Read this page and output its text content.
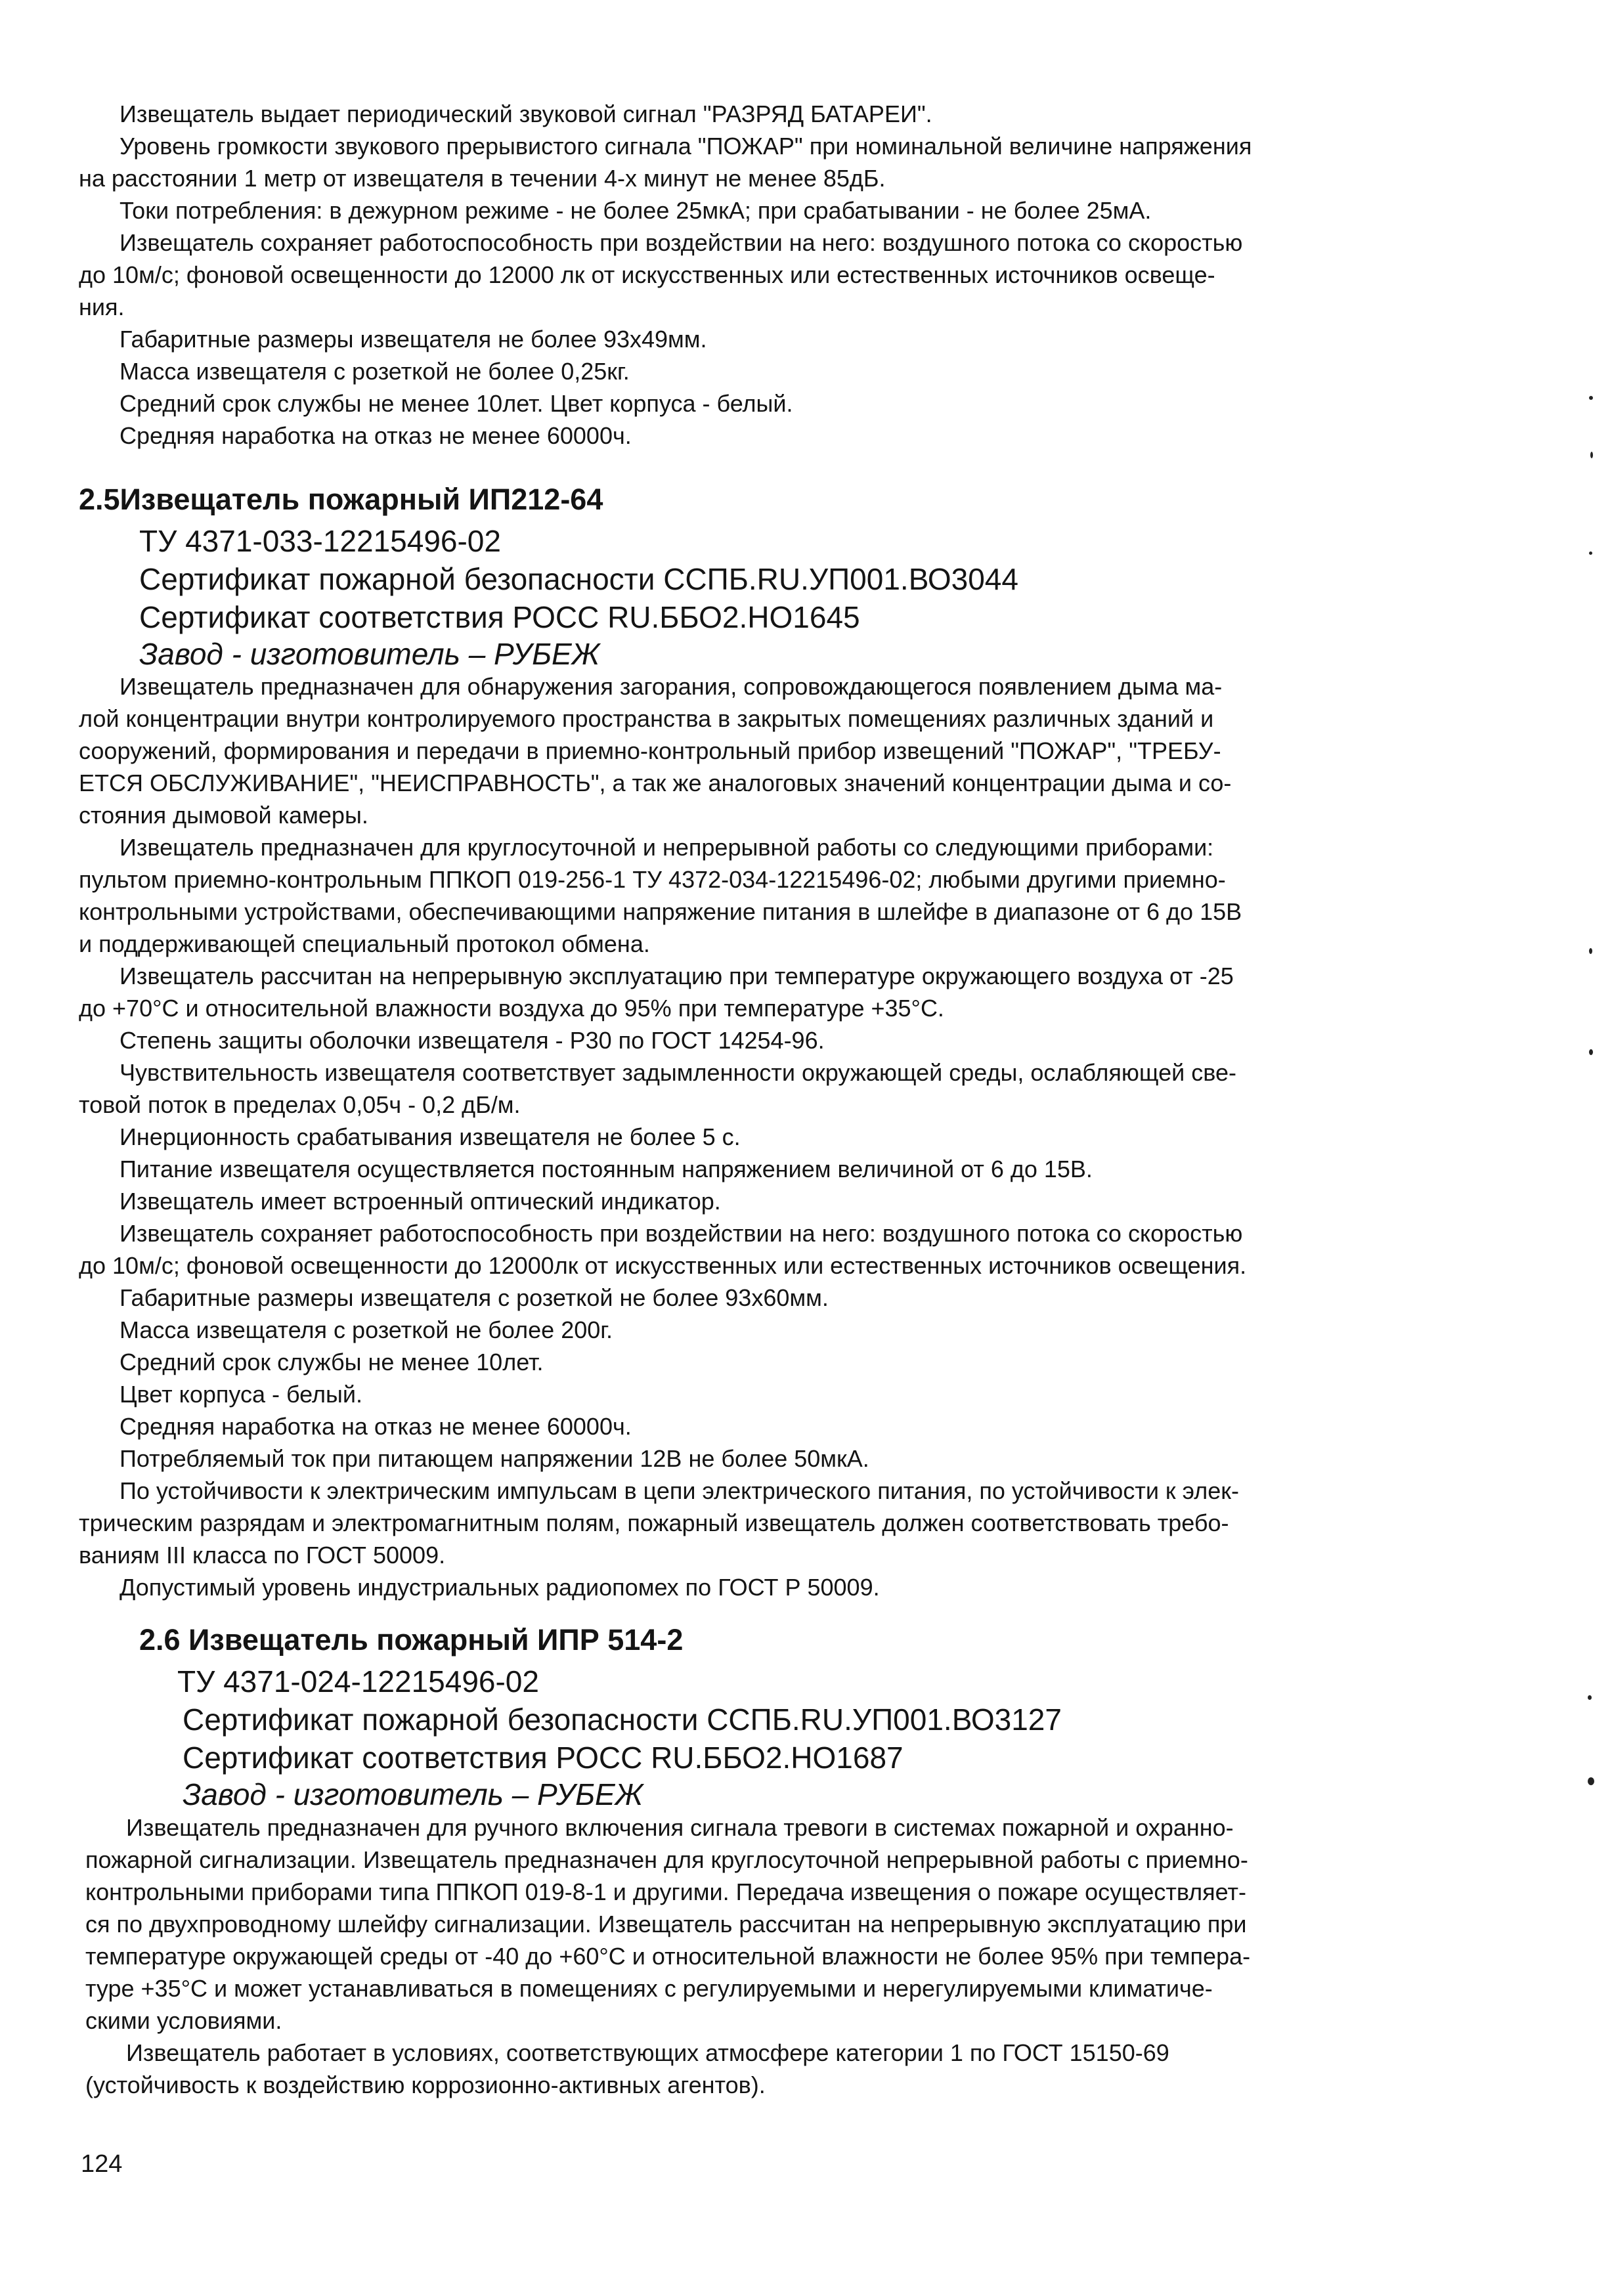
Извещатель выдает периодический звуковой сигнал "РАЗРЯД БАТАРЕИ".
Уровень громкости звукового прерывистого сигнала "ПОЖАР" при номинальной величине напряжения
на расстоянии 1 метр от извещателя в течении 4-х минут не менее 85дБ.
Токи потребления: в дежурном режиме - не более 25мкА; при срабатывании - не более 25мА.
Извещатель сохраняет работоспособность при воздействии на него: воздушного потока со скоростью
до 10м/с; фоновой освещенности до 12000 лк от искусственных или естественных источников освеще-
ния.
Габаритные размеры извещателя не более 93х49мм.
Масса извещателя с розеткой не более 0,25кг.
Средний срок службы не менее 10лет. Цвет корпуса - белый.
Средняя наработка на отказ не менее 60000ч.
2.5Извещатель пожарный ИП212-64
ТУ 4371-033-12215496-02
Сертификат пожарной безопасности ССПБ.RU.УП001.ВО3044
Сертификат соответствия РОСС RU.ББО2.НО1645
Завод - изготовитель – РУБЕЖ
Извещатель предназначен для обнаружения загорания, сопровождающегося появлением дыма ма-
лой концентрации внутри контролируемого пространства в закрытых помещениях различных зданий и
сооружений, формирования и передачи в приемно-контрольный прибор извещений "ПОЖАР", "ТРЕБУ-
ЕТСЯ ОБСЛУЖИВАНИЕ", "НЕИСПРАВНОСТЬ", а так же аналоговых значений концентрации дыма и со-
стояния дымовой камеры.
Извещатель предназначен для круглосуточной и непрерывной работы со следующими приборами:
пультом приемно-контрольным ППКОП 019-256-1 ТУ 4372-034-12215496-02; любыми другими приемно-
контрольными устройствами, обеспечивающими напряжение питания в шлейфе в диапазоне от 6 до 15В
и поддерживающей специальный протокол обмена.
Извещатель рассчитан на непрерывную эксплуатацию при температуре окружающего воздуха от -25
до +70°С и относительной влажности воздуха до 95% при температуре +35°С.
Степень защиты оболочки извещателя - Р30 по ГОСТ 14254-96.
Чувствительность извещателя соответствует задымленности окружающей среды, ослабляющей све-
товой поток в пределах 0,05ч - 0,2 дБ/м.
Инерционность срабатывания извещателя не более 5 с.
Питание извещателя осуществляется постоянным напряжением величиной от 6 до 15В.
Извещатель имеет встроенный оптический индикатор.
Извещатель сохраняет работоспособность при воздействии на него: воздушного потока со скоростью
до 10м/с; фоновой освещенности до 12000лк от искусственных или естественных источников освещения.
Габаритные размеры извещателя с розеткой не более 93х60мм.
Масса извещателя с розеткой не более 200г.
Средний срок службы не менее 10лет.
Цвет корпуса - белый.
Средняя наработка на отказ не менее 60000ч.
Потребляемый ток при питающем напряжении 12В не более 50мкА.
По устойчивости к электрическим импульсам в цепи электрического питания, по устойчивости к элек-
трическим разрядам и электромагнитным полям, пожарный извещатель должен соответствовать требо-
ваниям III класса по ГОСТ 50009.
Допустимый уровень индустриальных радиопомех по ГОСТ Р 50009.
2.6 Извещатель пожарный ИПР 514-2
ТУ 4371-024-12215496-02
Сертификат пожарной безопасности ССПБ.RU.УП001.ВО3127
Сертификат соответствия РОСС RU.ББО2.НО1687
Завод - изготовитель – РУБЕЖ
Извещатель предназначен для ручного включения сигнала тревоги в системах пожарной и охранно-
пожарной сигнализации. Извещатель предназначен для круглосуточной непрерывной работы с приемно-
контрольными приборами типа ППКОП 019-8-1 и другими. Передача извещения о пожаре осуществляет-
ся по двухпроводному шлейфу сигнализации. Извещатель рассчитан на непрерывную эксплуатацию при
температуре окружающей среды от -40 до +60°С и относительной влажности не более 95% при темпера-
туре +35°С и может устанавливаться в помещениях с регулируемыми и нерегулируемыми климатиче-
скими условиями.
Извещатель работает в условиях, соответствующих атмосфере категории 1 по ГОСТ 15150-69
(устойчивость к воздействию коррозионно-активных агентов).
124
